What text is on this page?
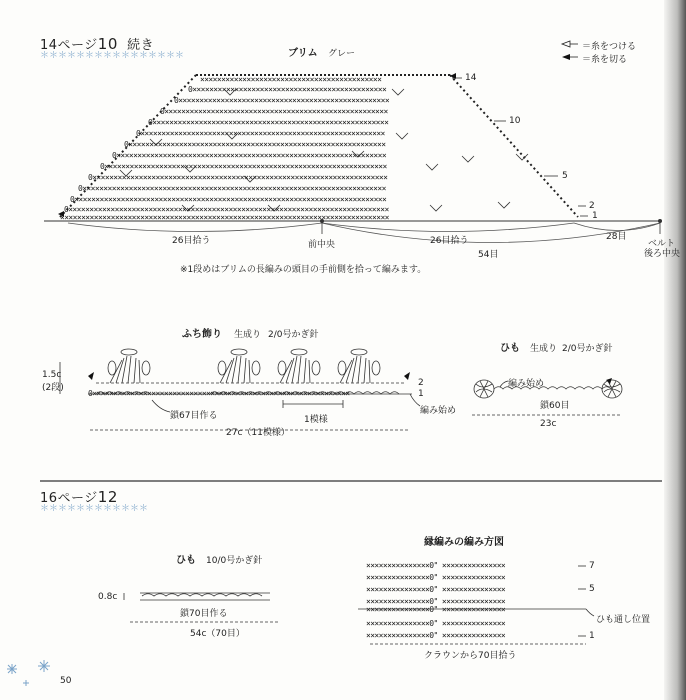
14ページ10 続き
＊＊＊＊＊＊＊＊＊＊＊＊＊＊＊＊	ブリム グレー
＝糸をつける
＝糸を切る
×××××××××××××××××××××××××××××××××××××××××××
0××××××××××××××××××××××××××××××××××××××××××××××
0××××××××××××××××××××××××××××××××××××××××××××××××××
0×××××××××××××××××××××××××××××××××××××××××××××××××××××
0××××××××××××××××××××××××××××××××××××××××××××××××××××××××
0××××××××××××××××××××××××××××××××××××××××××××××××××××××××××
0×××××××××××××××××××××××××××××××××××××××××××××××××××××××××××××
0××××××××××××××××××××××××××××××××××××××××××××××××××××××××××××××××
0×××××××××××××××××××××××××××××××××××××××××××××××××××××××××××××××××××
0××××××××××××××××××××××××××××××××××××××××××××××××××××××××××××××××××××××
0××××××××××××××××××××××××××××××××××××××××××××××××××××××××××××××××××××××××
0××××××××××××××××××××××××××××××××××××××××××××××××××××××××××××××××××××××××××
0××××××××××××××××××××××××××××××××××××××××××××××××××××××××××××××××××××××××××××
××××××××××××××××××××××××××××××××××××××××××××××××××××××××××××××××××××××××××××××
14
10
5
2
1
26目拾う	26目拾う	28目
前中央
54目
ベルト
後ろ中央
※1段めはブリムの長編みの頭目の手前側を拾って編みます。
ふち飾り 生成り 2/0号かぎ針
1.5c
(2段)
0×××××××××××××××××××××××××××××××××××××××××××××××××××××××××××××
2
1
編み始め
鎖67目作る	1模様
27c（11模様）
ひも 生成り 2/0号かぎ針
編み始め
鎖60目
23c
16ページ12
＊＊＊＊＊＊＊＊＊＊＊＊
ひも 10/0号かぎ針
0.8c
鎖70目作る
54c（70目）
縁編みの編み方図
×××××××××××××××0" ×××××××××××××××
×××××××××××××××0" ×××××××××××××××
×××××××××××××××0" ×××××××××××××××
×××××××××××××××0" ×××××××××××××××
×××××××××××××××0" ×××××××××××××××
×××××××××××××××0" ×××××××××××××××
×××××××××××××××0" ×××××××××××××××
7
5
ひも通し位置
1
クラウンから70目拾う
50
